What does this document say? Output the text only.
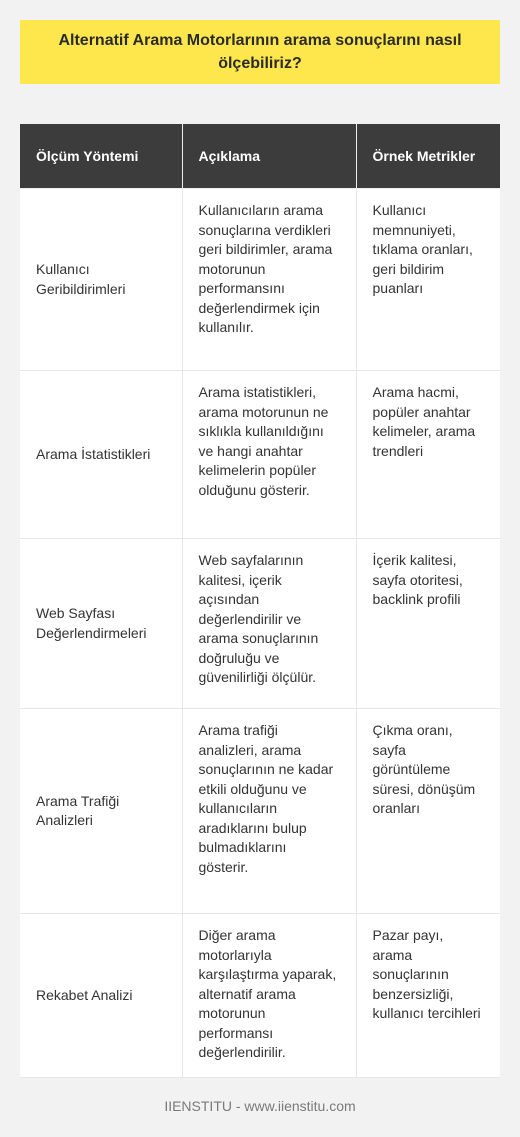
Alternatif Arama Motorlarının arama sonuçlarını nasıl ölçebiliriz?
Ölçüm Yöntemi	Açıklama	Örnek Metrikler
Kullanıcı Geribildirimleri	Kullanıcıların arama sonuçlarına verdikleri geri bildirimler, arama motorunun performansını değerlendirmek için kullanılır.	Kullanıcı memnuniyeti, tıklama oranları, geri bildirim puanları
Arama İstatistikleri	Arama istatistikleri, arama motorunun ne sıklıkla kullanıldığını ve hangi anahtar kelimelerin popüler olduğunu gösterir.	Arama hacmi, popüler anahtar kelimeler, arama trendleri
Web Sayfası Değerlendirmeleri	Web sayfalarının kalitesi, içerik açısından değerlendirilir ve arama sonuçlarının doğruluğu ve güvenilirliği ölçülür.	İçerik kalitesi, sayfa otoritesi, backlink profili
Arama Trafiği Analizleri	Arama trafiği analizleri, arama sonuçlarının ne kadar etkili olduğunu ve kullanıcıların aradıklarını bulup bulmadıklarını gösterir.	Çıkma oranı, sayfa görüntüleme süresi, dönüşüm oranları
Rekabet Analizi	Diğer arama motorlarıyla karşılaştırma yaparak, alternatif arama motorunun performansı değerlendirilir.	Pazar payı, arama sonuçlarının benzersizliği, kullanıcı tercihleri
IIENSTITU - www.iienstitu.com
